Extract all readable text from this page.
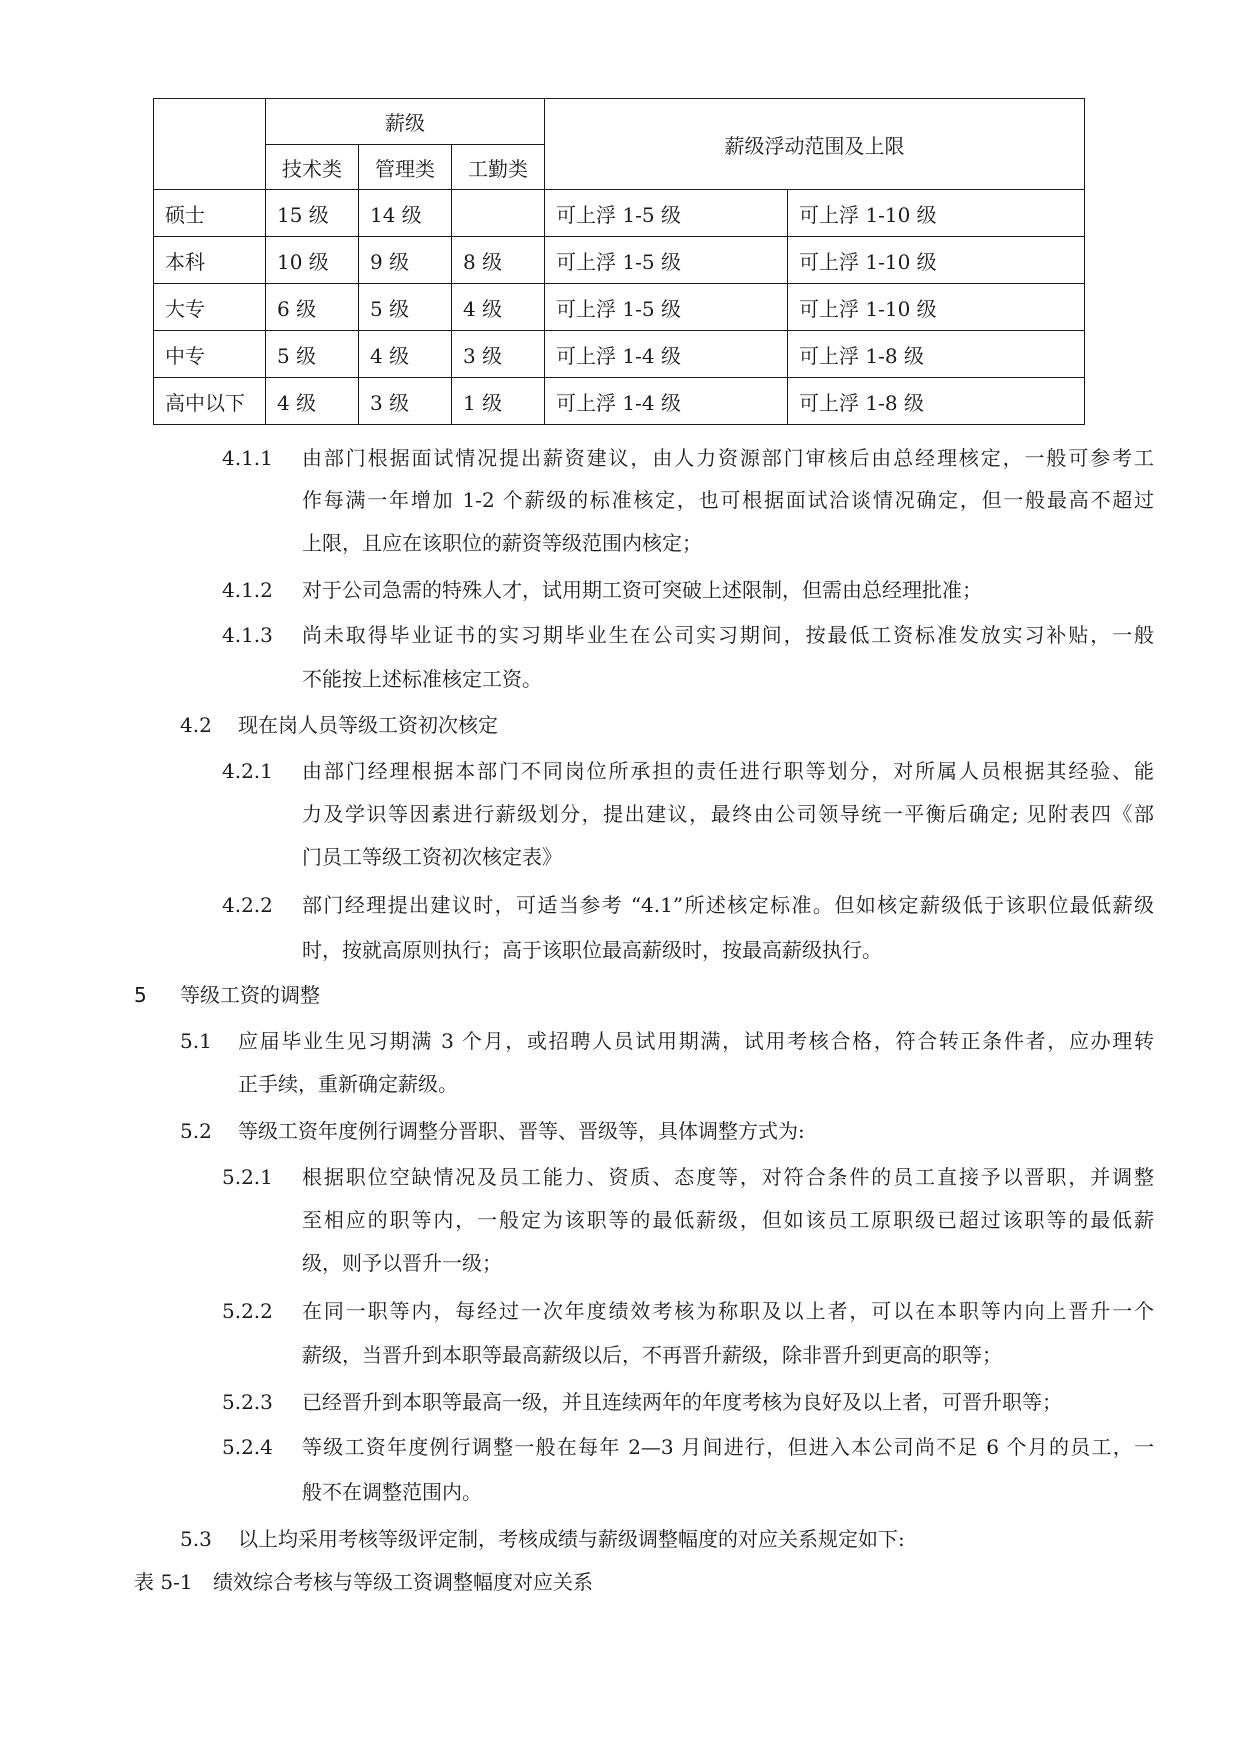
	薪级			薪级浮动范围及上限	
	技术类	管理类	工勤类		
硕士	15 级	14 级		可上浮 1-5 级	可上浮 1-10 级
本科	10 级	9 级	8 级	可上浮 1-5 级	可上浮 1-10 级
大专	6 级	5 级	4 级	可上浮 1-5 级	可上浮 1-10 级
中专	5 级	4 级	3 级	可上浮 1-4 级	可上浮 1-8 级
高中以下	4 级	3 级	1 级	可上浮 1-4 级	可上浮 1-8 级
4.1.1 由部门根据面试情况提出薪资建议，由人力资源部门审核后由总经理核定，一般可参考工
作每满一年增加 1-2 个薪级的标准核定，也可根据面试洽谈情况确定，但一般最高不超过
上限，且应在该职位的薪资等级范围内核定；
4.1.2 对于公司急需的特殊人才，试用期工资可突破上述限制，但需由总经理批准；
4.1.3 尚未取得毕业证书的实习期毕业生在公司实习期间，按最低工资标准发放实习补贴，一般
不能按上述标准核定工资。
4.2 现在岗人员等级工资初次核定
4.2.1 由部门经理根据本部门不同岗位所承担的责任进行职等划分，对所属人员根据其经验、能
力及学识等因素进行薪级划分，提出建议，最终由公司领导统一平衡后确定; 见附表四《部
门员工等级工资初次核定表》
4.2.2 部门经理提出建议时，可适当参考 “4.1”所述核定标准。但如核定薪级低于该职位最低薪级
时，按就高原则执行；高于该职位最高薪级时，按最高薪级执行。
5 等级工资的调整
5.1 应届毕业生见习期满 3 个月，或招聘人员试用期满，试用考核合格，符合转正条件者，应办理转
正手续，重新确定薪级。
5.2 等级工资年度例行调整分晋职、晋等、晋级等，具体调整方式为:
5.2.1 根据职位空缺情况及员工能力、资质、态度等，对符合条件的员工直接予以晋职，并调整
至相应的职等内，一般定为该职等的最低薪级，但如该员工原职级已超过该职等的最低薪
级，则予以晋升一级；
5.2.2 在同一职等内，每经过一次年度绩效考核为称职及以上者，可以在本职等内向上晋升一个
薪级，当晋升到本职等最高薪级以后，不再晋升薪级，除非晋升到更高的职等；
5.2.3 已经晋升到本职等最高一级，并且连续两年的年度考核为良好及以上者，可晋升职等；
5.2.4 等级工资年度例行调整一般在每年 2—3 月间进行，但进入本公司尚不足 6 个月的员工，一
般不在调整范围内。
5.3 以上均采用考核等级评定制，考核成绩与薪级调整幅度的对应关系规定如下:
表 5-1 绩效综合考核与等级工资调整幅度对应关系
